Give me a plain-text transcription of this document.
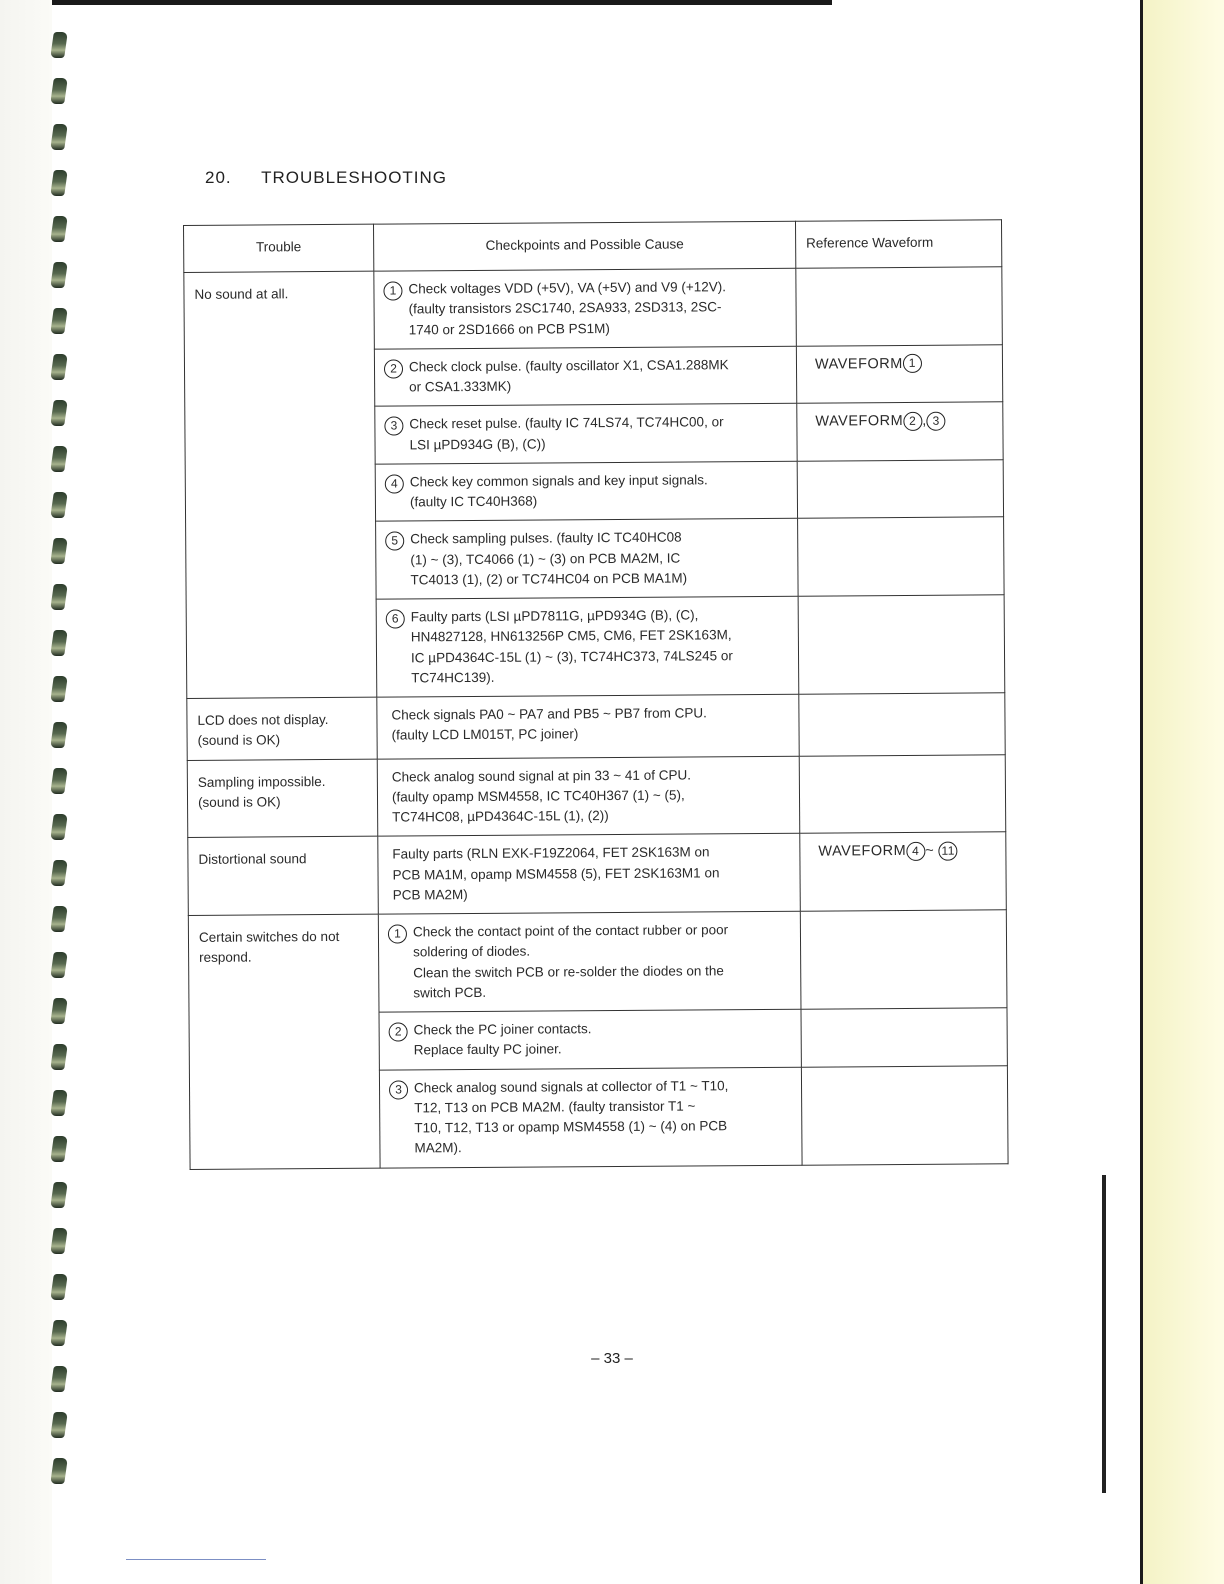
20. TROUBLESHOOTING
Trouble	Checkpoints and Possible Cause	Reference Waveform

No sound at all.	1 Check voltages VDD (+5V), VA (+5V) and V9 (+12V).
(faulty transistors 2SC1740, 2SA933, 2SD313, 2SC-
1740 or 2SD1666 on PCB PS1M)	

	2 Check clock pulse. (faulty oscillator X1, CSA1.288MK
or CSA1.333MK)	WAVEFORM 1

	3 Check reset pulse. (faulty IC 74LS74, TC74HC00, or
LSI µPD934G (B), (C))	WAVEFORM 2 , 3

	4 Check key common signals and key input signals.
(faulty IC TC40H368)	

	5 Check sampling pulses. (faulty IC TC40HC08
(1) ~ (3), TC4066 (1) ~ (3) on PCB MA2M, IC
TC4013 (1), (2) or TC74HC04 on PCB MA1M)	

	6 Faulty parts (LSI µPD7811G, µPD934G (B), (C),
HN4827128, HN613256P CM5, CM6, FET 2SK163M,
IC µPD4364C-15L (1) ~ (3), TC74HC373, 74LS245 or
TC74HC139).	

LCD does not display.
(sound is OK)	Check signals PA0 ~ PA7 and PB5 ~ PB7 from CPU.
(faulty LCD LM015T, PC joiner)	

Sampling impossible.
(sound is OK)	Check analog sound signal at pin 33 ~ 41 of CPU.
(faulty opamp MSM4558, IC TC40H367 (1) ~ (5),
TC74HC08, µPD4364C-15L (1), (2))	

Distortional sound	Faulty parts (RLN EXK-F19Z2064, FET 2SK163M on
PCB MA1M, opamp MSM4558 (5), FET 2SK163M1 on
PCB MA2M)	WAVEFORM 4 ~ 11

Certain switches do not
respond.	1 Check the contact point of the contact rubber or poor
soldering of diodes.
Clean the switch PCB or re-solder the diodes on the
switch PCB.	

	2 Check the PC joiner contacts.
Replace faulty PC joiner.	

	3 Check analog sound signals at collector of T1 ~ T10,
T12, T13 on PCB MA2M. (faulty transistor T1 ~
T10, T12, T13 or opamp MSM4558 (1) ~ (4) on PCB
MA2M).	

– 33 –
